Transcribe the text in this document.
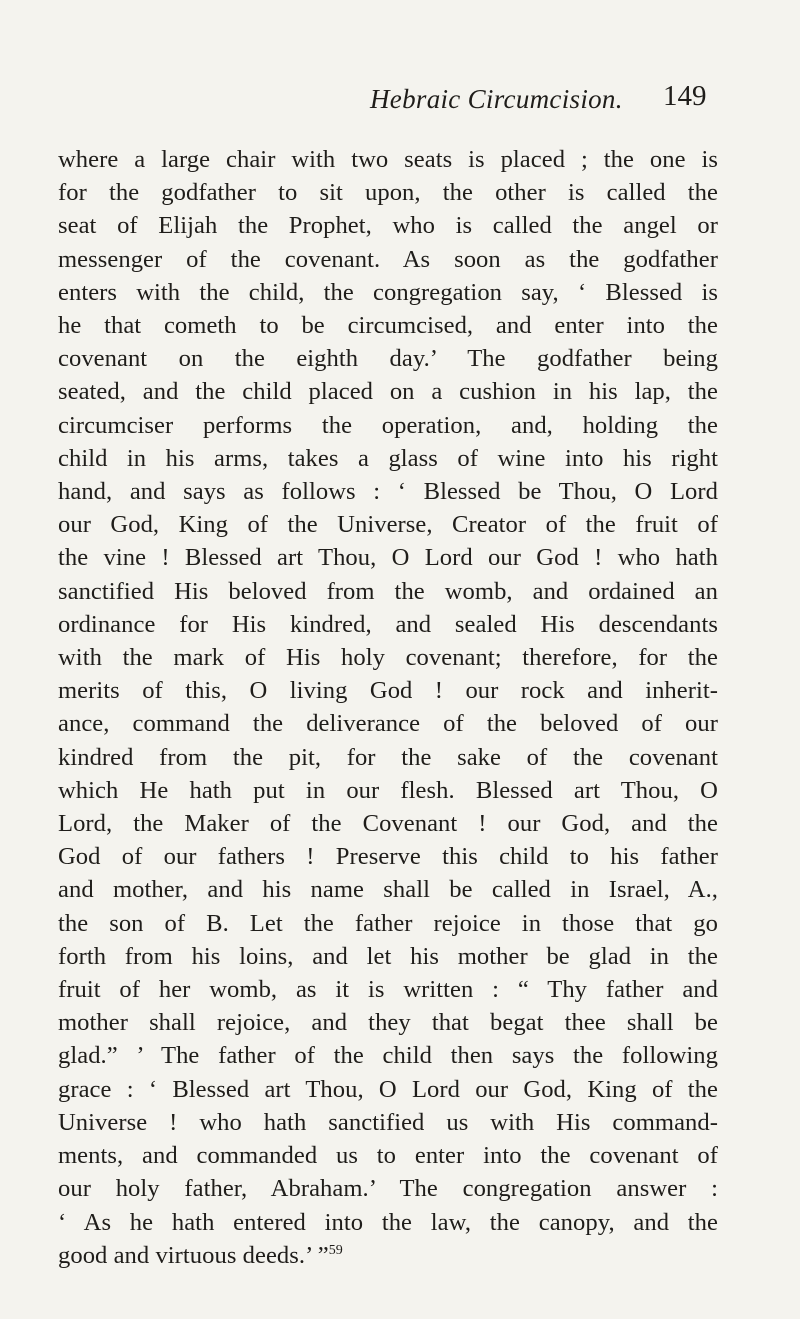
Hebraic Circumcision. 149
where a large chair with two seats is placed ; the one is
for the godfather to sit upon, the other is called the
seat of Elijah the Prophet, who is called the angel or
messenger of the covenant. As soon as the godfather
enters with the child, the congregation say, ‘ Blessed is
he that cometh to be circumcised, and enter into the
covenant on the eighth day.’ The godfather being
seated, and the child placed on a cushion in his lap, the
circumciser performs the operation, and, holding the
child in his arms, takes a glass of wine into his right
hand, and says as follows : ‘ Blessed be Thou, O Lord
our God, King of the Universe, Creator of the fruit of
the vine ! Blessed art Thou, O Lord our God ! who hath
sanctified His beloved from the womb, and ordained an
ordinance for His kindred, and sealed His descendants
with the mark of His holy covenant; therefore, for the
merits of this, O living God ! our rock and inherit-
ance, command the deliverance of the beloved of our
kindred from the pit, for the sake of the covenant
which He hath put in our flesh. Blessed art Thou, O
Lord, the Maker of the Covenant ! our God, and the
God of our fathers ! Preserve this child to his father
and mother, and his name shall be called in Israel, A.,
the son of B. Let the father rejoice in those that go
forth from his loins, and let his mother be glad in the
fruit of her womb, as it is written : “ Thy father and
mother shall rejoice, and they that begat thee shall be
glad.” ’ The father of the child then says the following
grace : ‘ Blessed art Thou, O Lord our God, King of the
Universe ! who hath sanctified us with His command-
ments, and commanded us to enter into the covenant of
our holy father, Abraham.’ The congregation answer :
‘ As he hath entered into the law, the canopy, and the
good and virtuous deeds.’ ”$^{59}$
